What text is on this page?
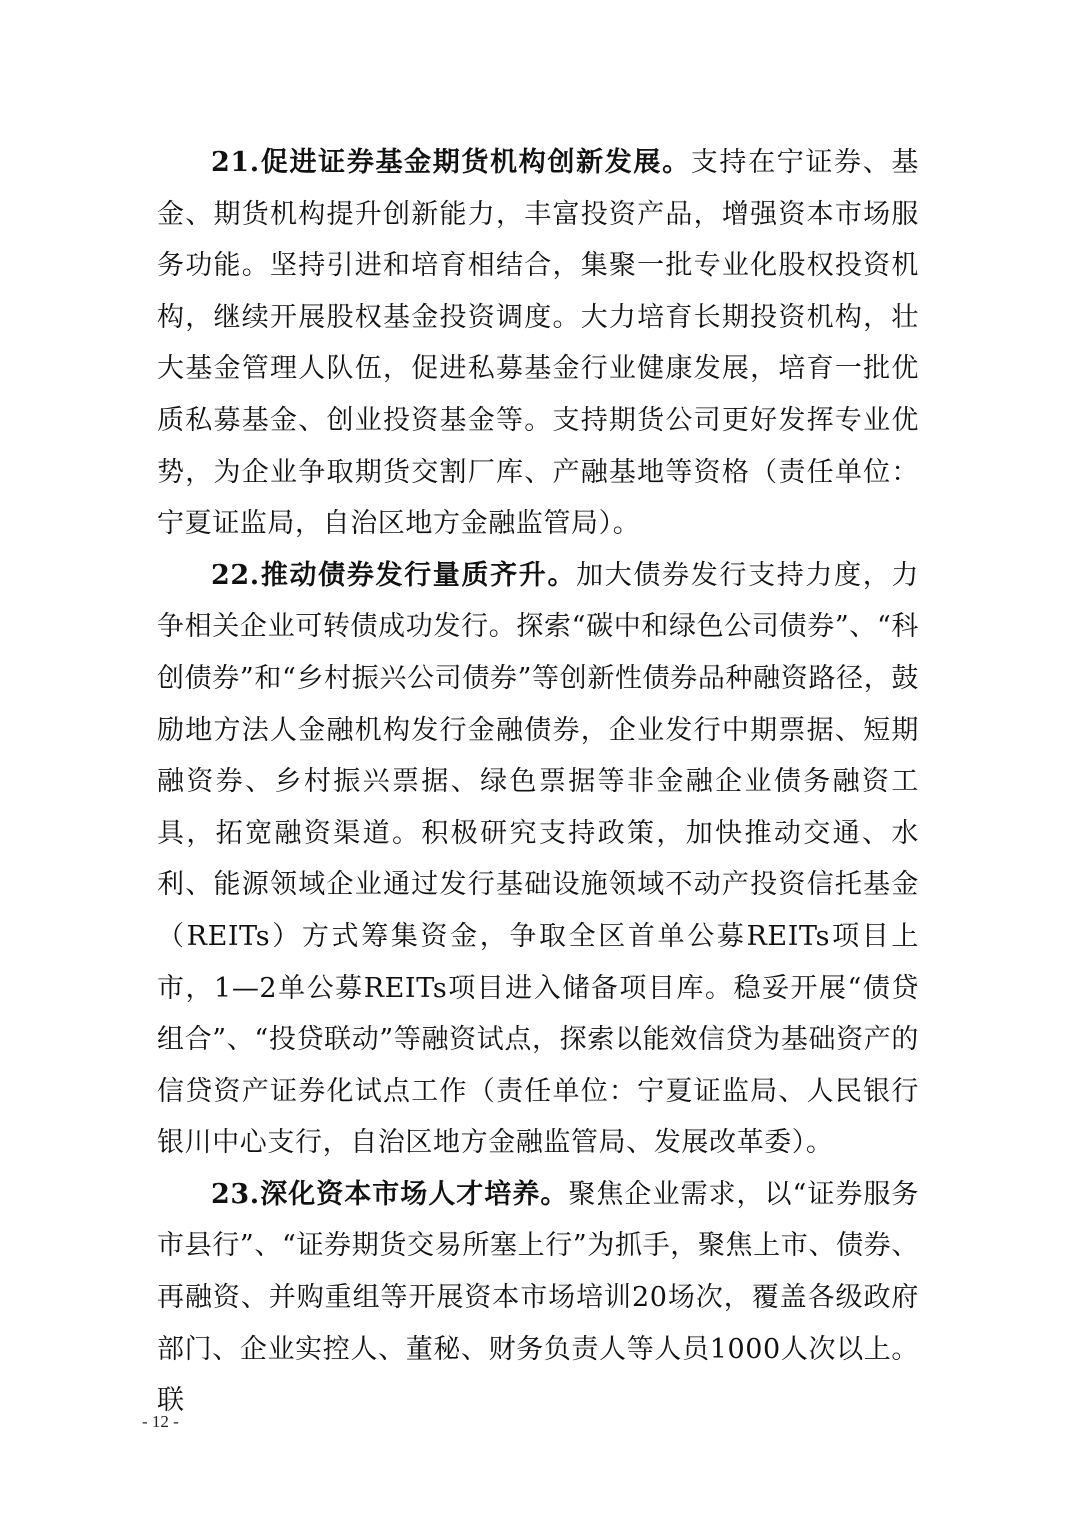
21.促进证券基金期货机构创新发展。支持在宁证券、基金、期货机构提升创新能力，丰富投资产品，增强资本市场服务功能。坚持引进和培育相结合，集聚一批专业化股权投资机构，继续开展股权基金投资调度。大力培育长期投资机构，壮大基金管理人队伍，促进私募基金行业健康发展，培育一批优质私募基金、创业投资基金等。支持期货公司更好发挥专业优势，为企业争取期货交割厂库、产融基地等资格（责任单位：宁夏证监局，自治区地方金融监管局）。

22.推动债券发行量质齐升。加大债券发行支持力度，力争相关企业可转债成功发行。探索“碳中和绿色公司债券”、“科创债券”和“乡村振兴公司债券”等创新性债券品种融资路径，鼓励地方法人金融机构发行金融债券，企业发行中期票据、短期融资券、乡村振兴票据、绿色票据等非金融企业债务融资工具，拓宽融资渠道。积极研究支持政策，加快推动交通、水利、能源领域企业通过发行基础设施领域不动产投资信托基金（REITs）方式筹集资金，争取全区首单公募REITs项目上市，1—2单公募REITs项目进入储备项目库。稳妥开展“债贷组合”、“投贷联动”等融资试点，探索以能效信贷为基础资产的信贷资产证券化试点工作（责任单位：宁夏证监局、人民银行银川中心支行，自治区地方金融监管局、发展改革委）。

23.深化资本市场人才培养。聚焦企业需求，以“证券服务市县行”、“证券期货交易所塞上行”为抓手，聚焦上市、债券、再融资、并购重组等开展资本市场培训20场次，覆盖各级政府部门、企业实控人、董秘、财务负责人等人员1000人次以上。联

- 12 -
